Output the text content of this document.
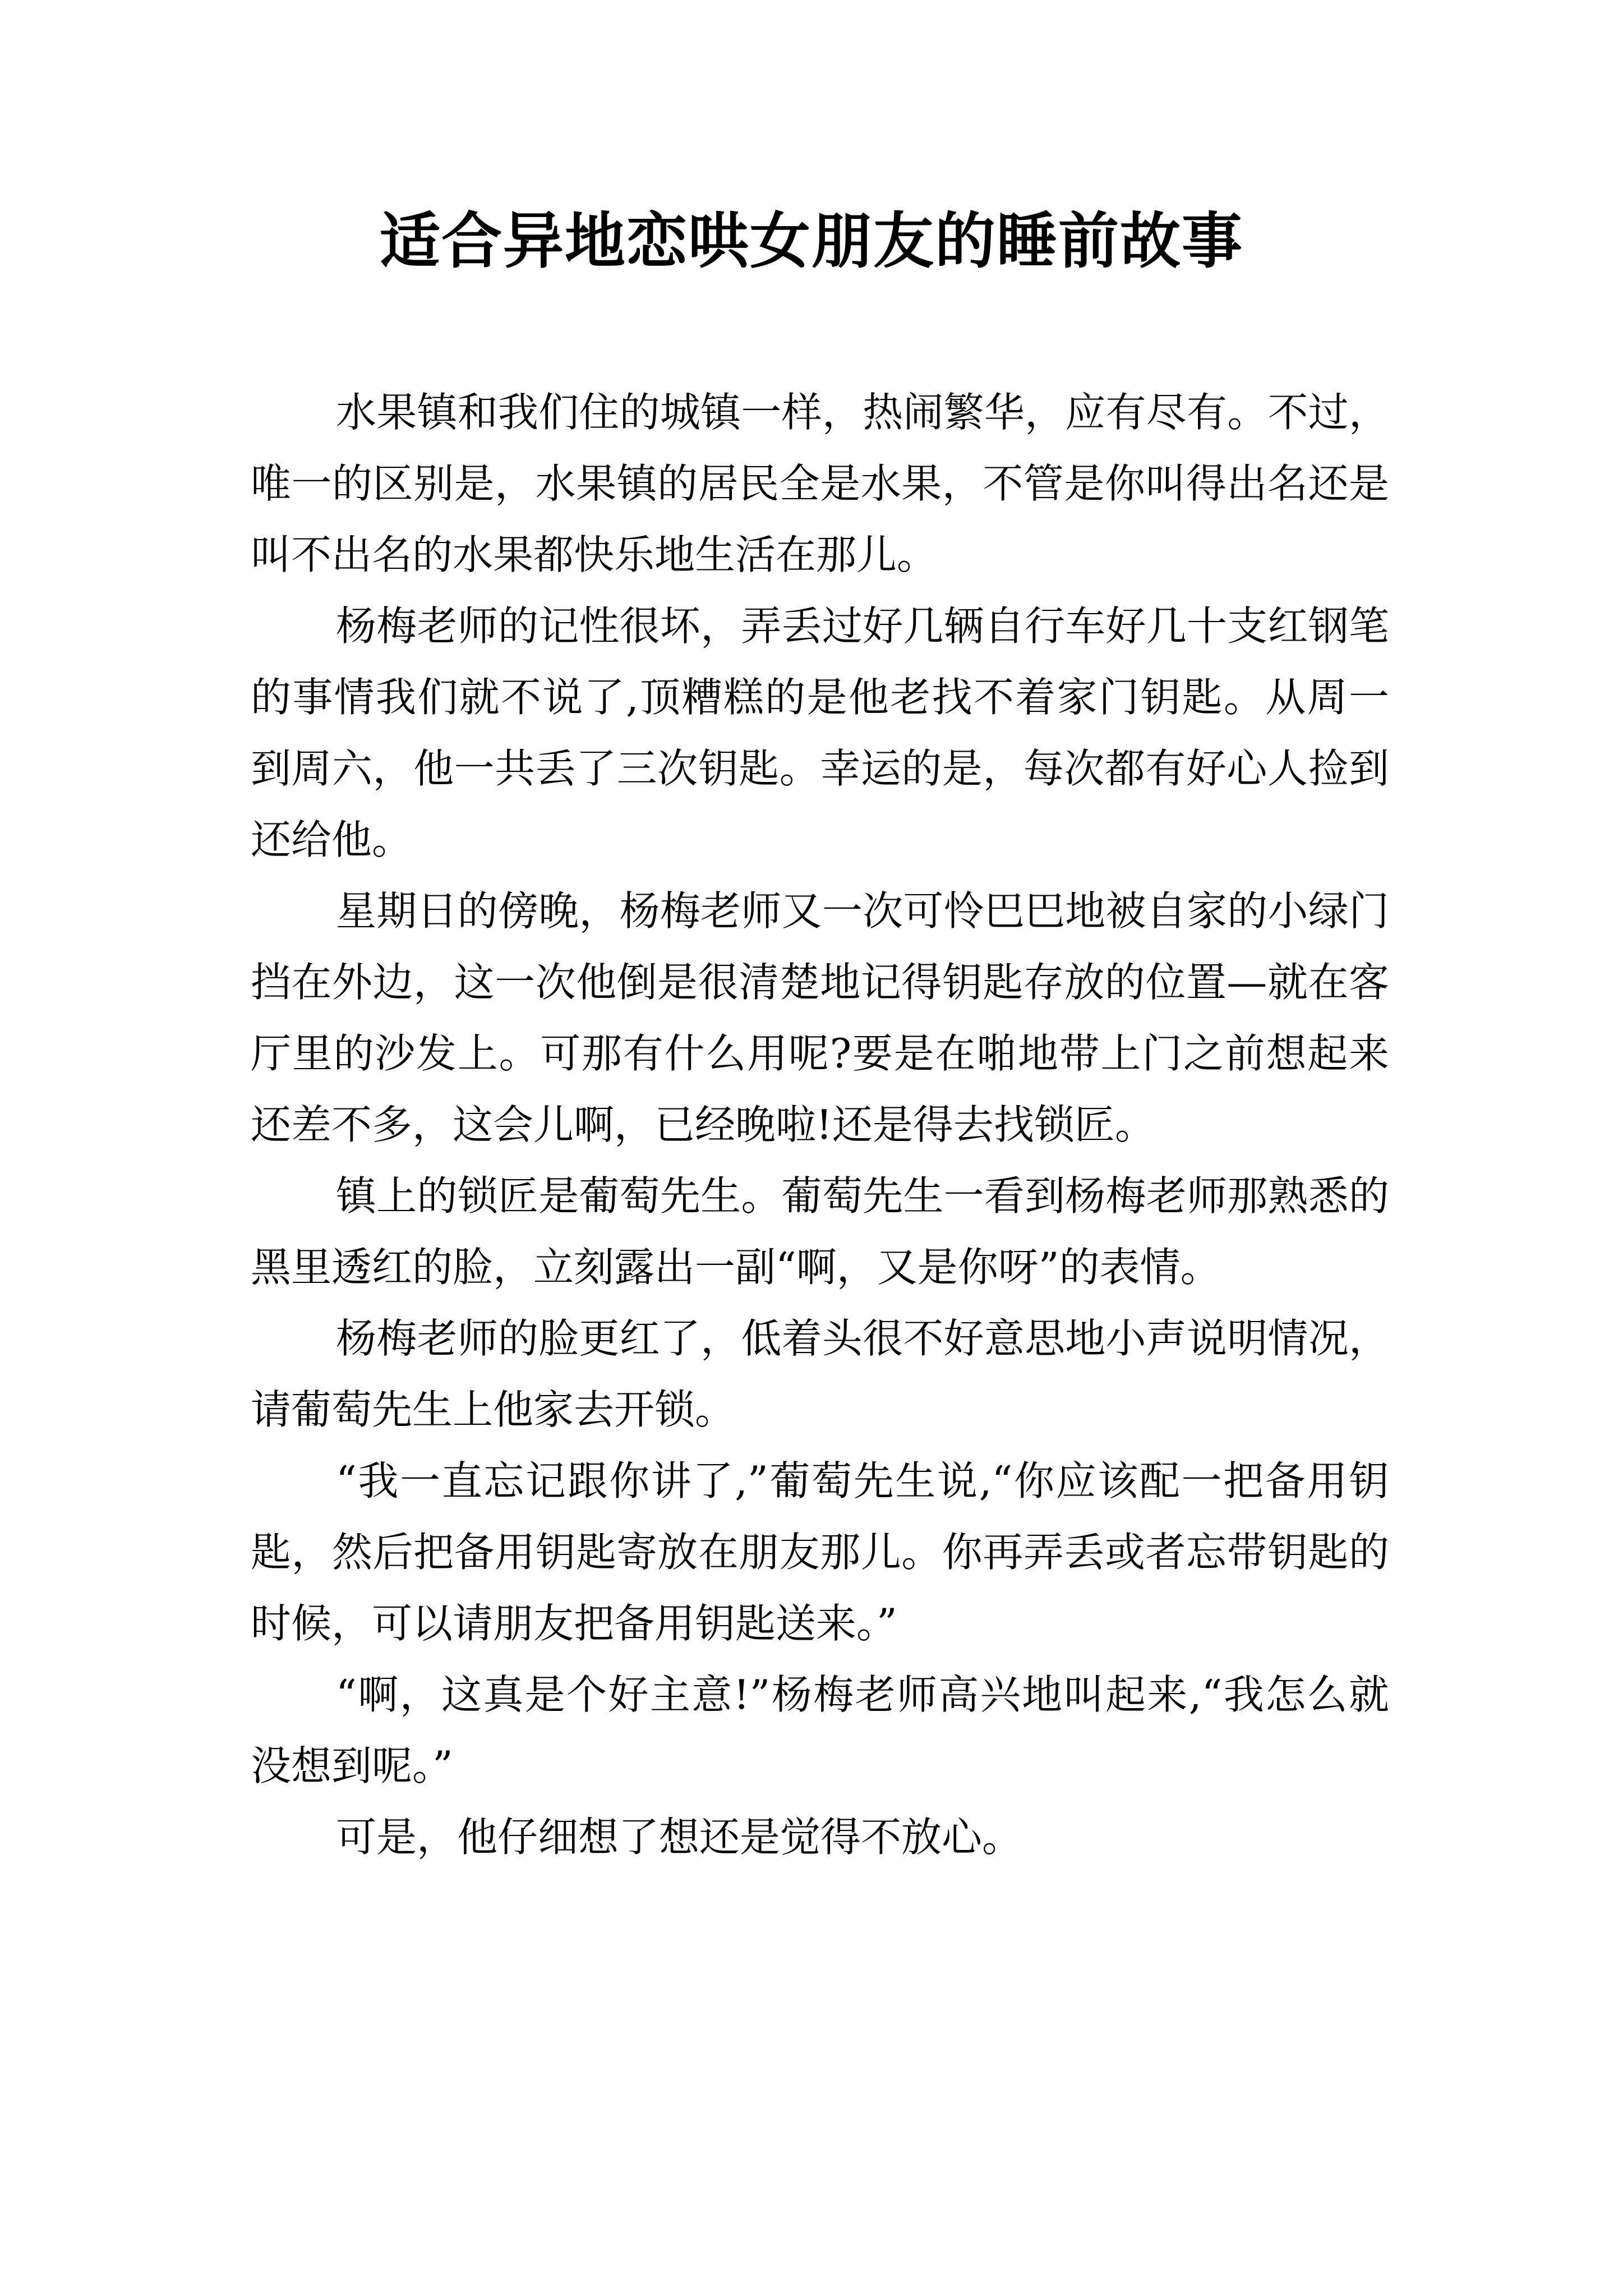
适合异地恋哄女朋友的睡前故事

水果镇和我们住的城镇一样，热闹繁华，应有尽有。不过，唯一的区别是，水果镇的居民全是水果，不管是你叫得出名还是叫不出名的水果都快乐地生活在那儿。

杨梅老师的记性很坏，弄丢过好几辆自行车好几十支红钢笔的事情我们就不说了,顶糟糕的是他老找不着家门钥匙。从周一到周六，他一共丢了三次钥匙。幸运的是，每次都有好心人捡到还给他。

星期日的傍晚，杨梅老师又一次可怜巴巴地被自家的小绿门挡在外边，这一次他倒是很清楚地记得钥匙存放的位置—就在客厅里的沙发上。可那有什么用呢?要是在啪地带上门之前想起来还差不多，这会儿啊，已经晚啦!还是得去找锁匠。

镇上的锁匠是葡萄先生。葡萄先生一看到杨梅老师那熟悉的黑里透红的脸，立刻露出一副“啊，又是你呀”的表情。

杨梅老师的脸更红了，低着头很不好意思地小声说明情况，请葡萄先生上他家去开锁。

“我一直忘记跟你讲了,”葡萄先生说,“你应该配一把备用钥匙，然后把备用钥匙寄放在朋友那儿。你再弄丢或者忘带钥匙的时候，可以请朋友把备用钥匙送来。”

“啊，这真是个好主意!”杨梅老师高兴地叫起来,“我怎么就没想到呢。”

可是，他仔细想了想还是觉得不放心。
